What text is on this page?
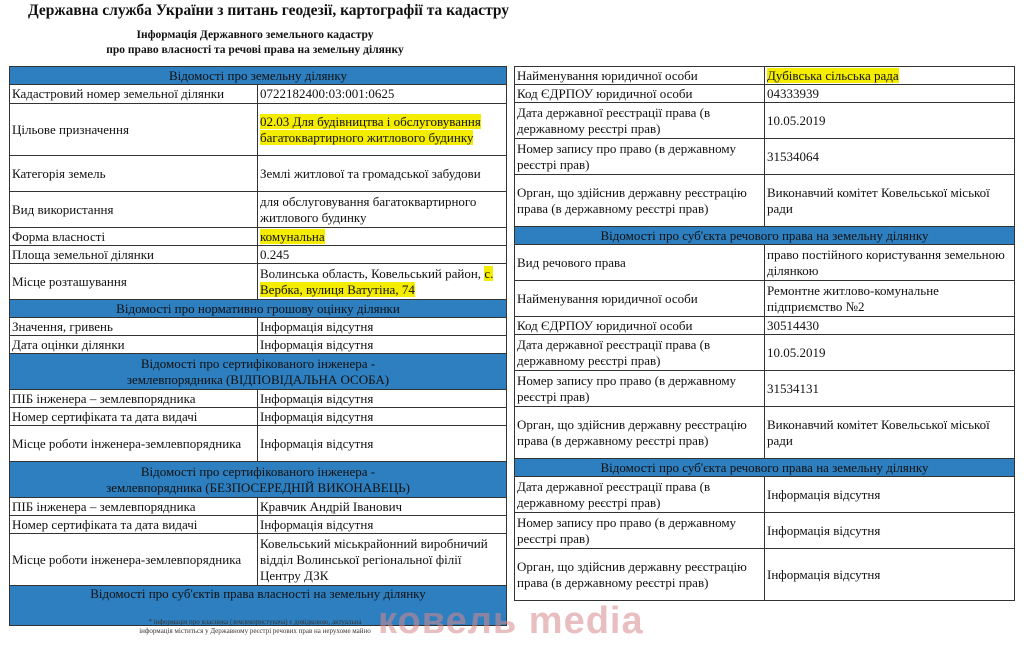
Державна служба України з питань геодезії, картографії та кадастру
Інформація Державного земельного кадастру
про право власності та речові права на земельну ділянку
Відомості про земельну ділянку	
Кадастровий номер земельної ділянки	0722182400:03:001:0625
Цільове призначення	02.03 Для будівництва і обслуговування багатоквартирного житлового будинку
Категорія земель	Землі житлової та громадської забудови
Вид використання	для обслуговування багатоквартирного житлового будинку
Форма власності	комунальна
Площа земельної ділянки	0.245
Місце розташування	Волинська область, Ковельський район, с. Вербка, вулиця Ватутіна, 74
Відомості про нормативно грошову оцінку ділянки	
Значення, гривень	Інформація відсутня
Дата оцінки ділянки	Інформація відсутня

Відомості про сертифікованого інженера -
землевпорядника (ВІДПОВІДАЛЬНА ОСОБА)	

ПІБ інженера – землевпорядника	Інформація відсутня
Номер сертифіката та дата видачі	Інформація відсутня
Місце роботи інженера-землевпорядника	Інформація відсутня

Відомості про сертифікованого інженера -
землевпорядника (БЕЗПОСЕРЕДНІЙ ВИКОНАВЕЦЬ)	

ПІБ інженера – землевпорядника	Кравчик Андрій Іванович
Номер сертифіката та дата видачі	Інформація відсутня
Місце роботи інженера-землевпорядника	Ковельський міськрайонний виробничий відділ Волинської регіональної філії Центру ДЗК

Відомості про суб'єктів права власності на земельну ділянку	
* інформація про власника (землекористувача) є довідковою, актуальна
інформація міститься у Державному реєстрі речових прав на нерухоме майно
Найменування юридичної особи	Дубівська сільська рада
Код ЄДРПОУ юридичної особи	04333939
Дата державної реєстрації права (в державному реєстрі прав)	10.05.2019
Номер запису про право (в державному реєстрі прав)	31534064
Орган, що здійснив державну реєстрацію права (в державному реєстрі прав)	Виконавчий комітет Ковельської міської ради
Відомості про суб'єкта речового права на земельну ділянку	
Вид речового права	право постійного користування земельною ділянкою
Найменування юридичної особи	Ремонтне житлово-комунальне підприємство №2
Код ЄДРПОУ юридичної особи	30514430
Дата державної реєстрації права (в державному реєстрі прав)	10.05.2019
Номер запису про право (в державному реєстрі прав)	31534131
Орган, що здійснив державну реєстрацію права (в державному реєстрі прав)	Виконавчий комітет Ковельської міської ради
Відомості про суб'єкта речового права на земельну ділянку	
Дата державної реєстрації права (в державному реєстрі прав)	Інформація відсутня
Номер запису про право (в державному реєстрі прав)	Інформація відсутня
Орган, що здійснив державну реєстрацію права (в державному реєстрі прав)	Інформація відсутня
ковель media
